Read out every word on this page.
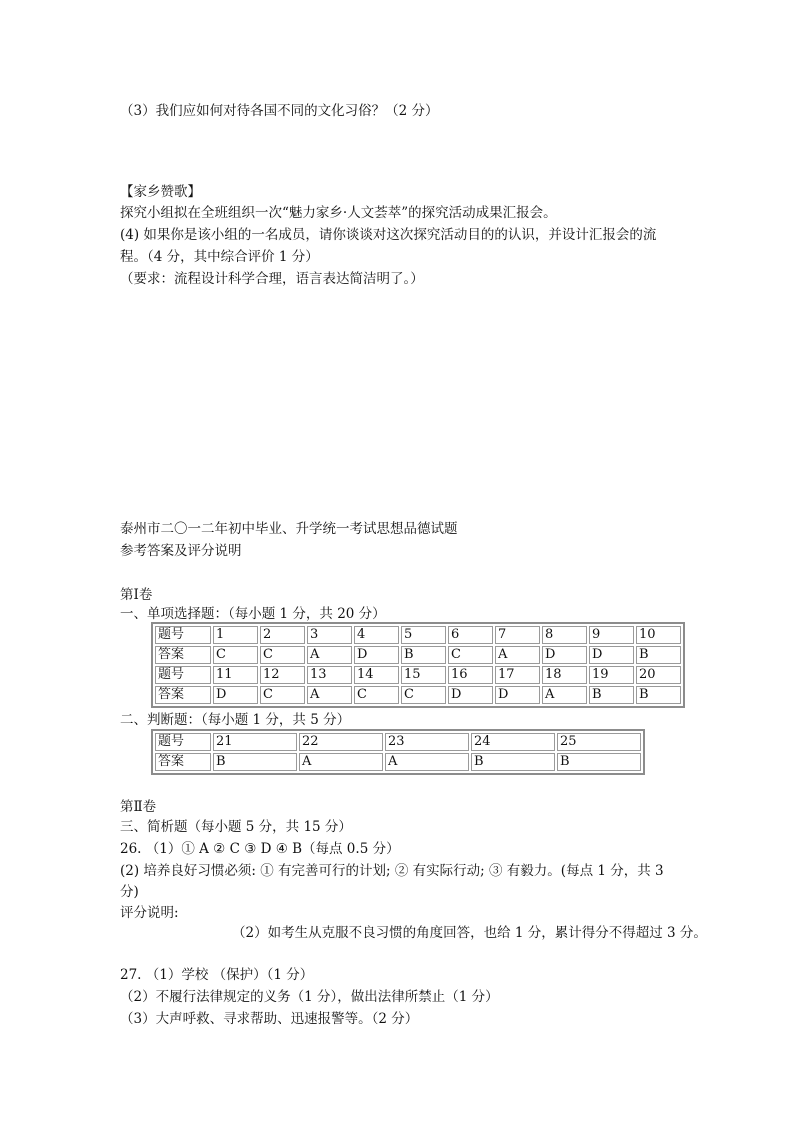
（3）我们应如何对待各国不同的文化习俗？（2 分）
【家乡赞歌】
探究小组拟在全班组织一次“魅力家乡·人文荟萃”的探究活动成果汇报会。
(4) 如果你是该小组的一名成员，请你谈谈对这次探究活动目的的认识，并设计汇报会的流
程。（4 分，其中综合评价 1 分）
（要求：流程设计科学合理，语言表达简洁明了。）
泰州市二〇一二年初中毕业、升学统一考试思想品德试题
参考答案及评分说明
第Ⅰ卷
一、单项选择题：（每小题 1 分，共 20 分）
题号	1	2	3	4	5	6	7	8	9	10
答案	C	C	A	D	B	C	A	D	D	B
题号	11	12	13	14	15	16	17	18	19	20
答案	D	C	A	C	C	D	D	A	B	B
二、判断题：（每小题 1 分，共 5 分）
题号	21	22	23	24	25
答案	B	A	A	B	B
第Ⅱ卷
三、简析题（每小题 5 分，共 15 分）
26. （1）① A ② C ③ D ④ B（每点 0.5 分）
(2) 培养良好习惯必须: ① 有完善可行的计划; ② 有实际行动; ③ 有毅力。(每点 1 分，共 3
分)
评分说明:
（2）如考生从克服不良习惯的角度回答，也给 1 分，累计得分不得超过 3 分。
27. （1）学校 （保护）（1 分）
（2）不履行法律规定的义务（1 分），做出法律所禁止（1 分）
（3）大声呼救、寻求帮助、迅速报警等。（2 分）
